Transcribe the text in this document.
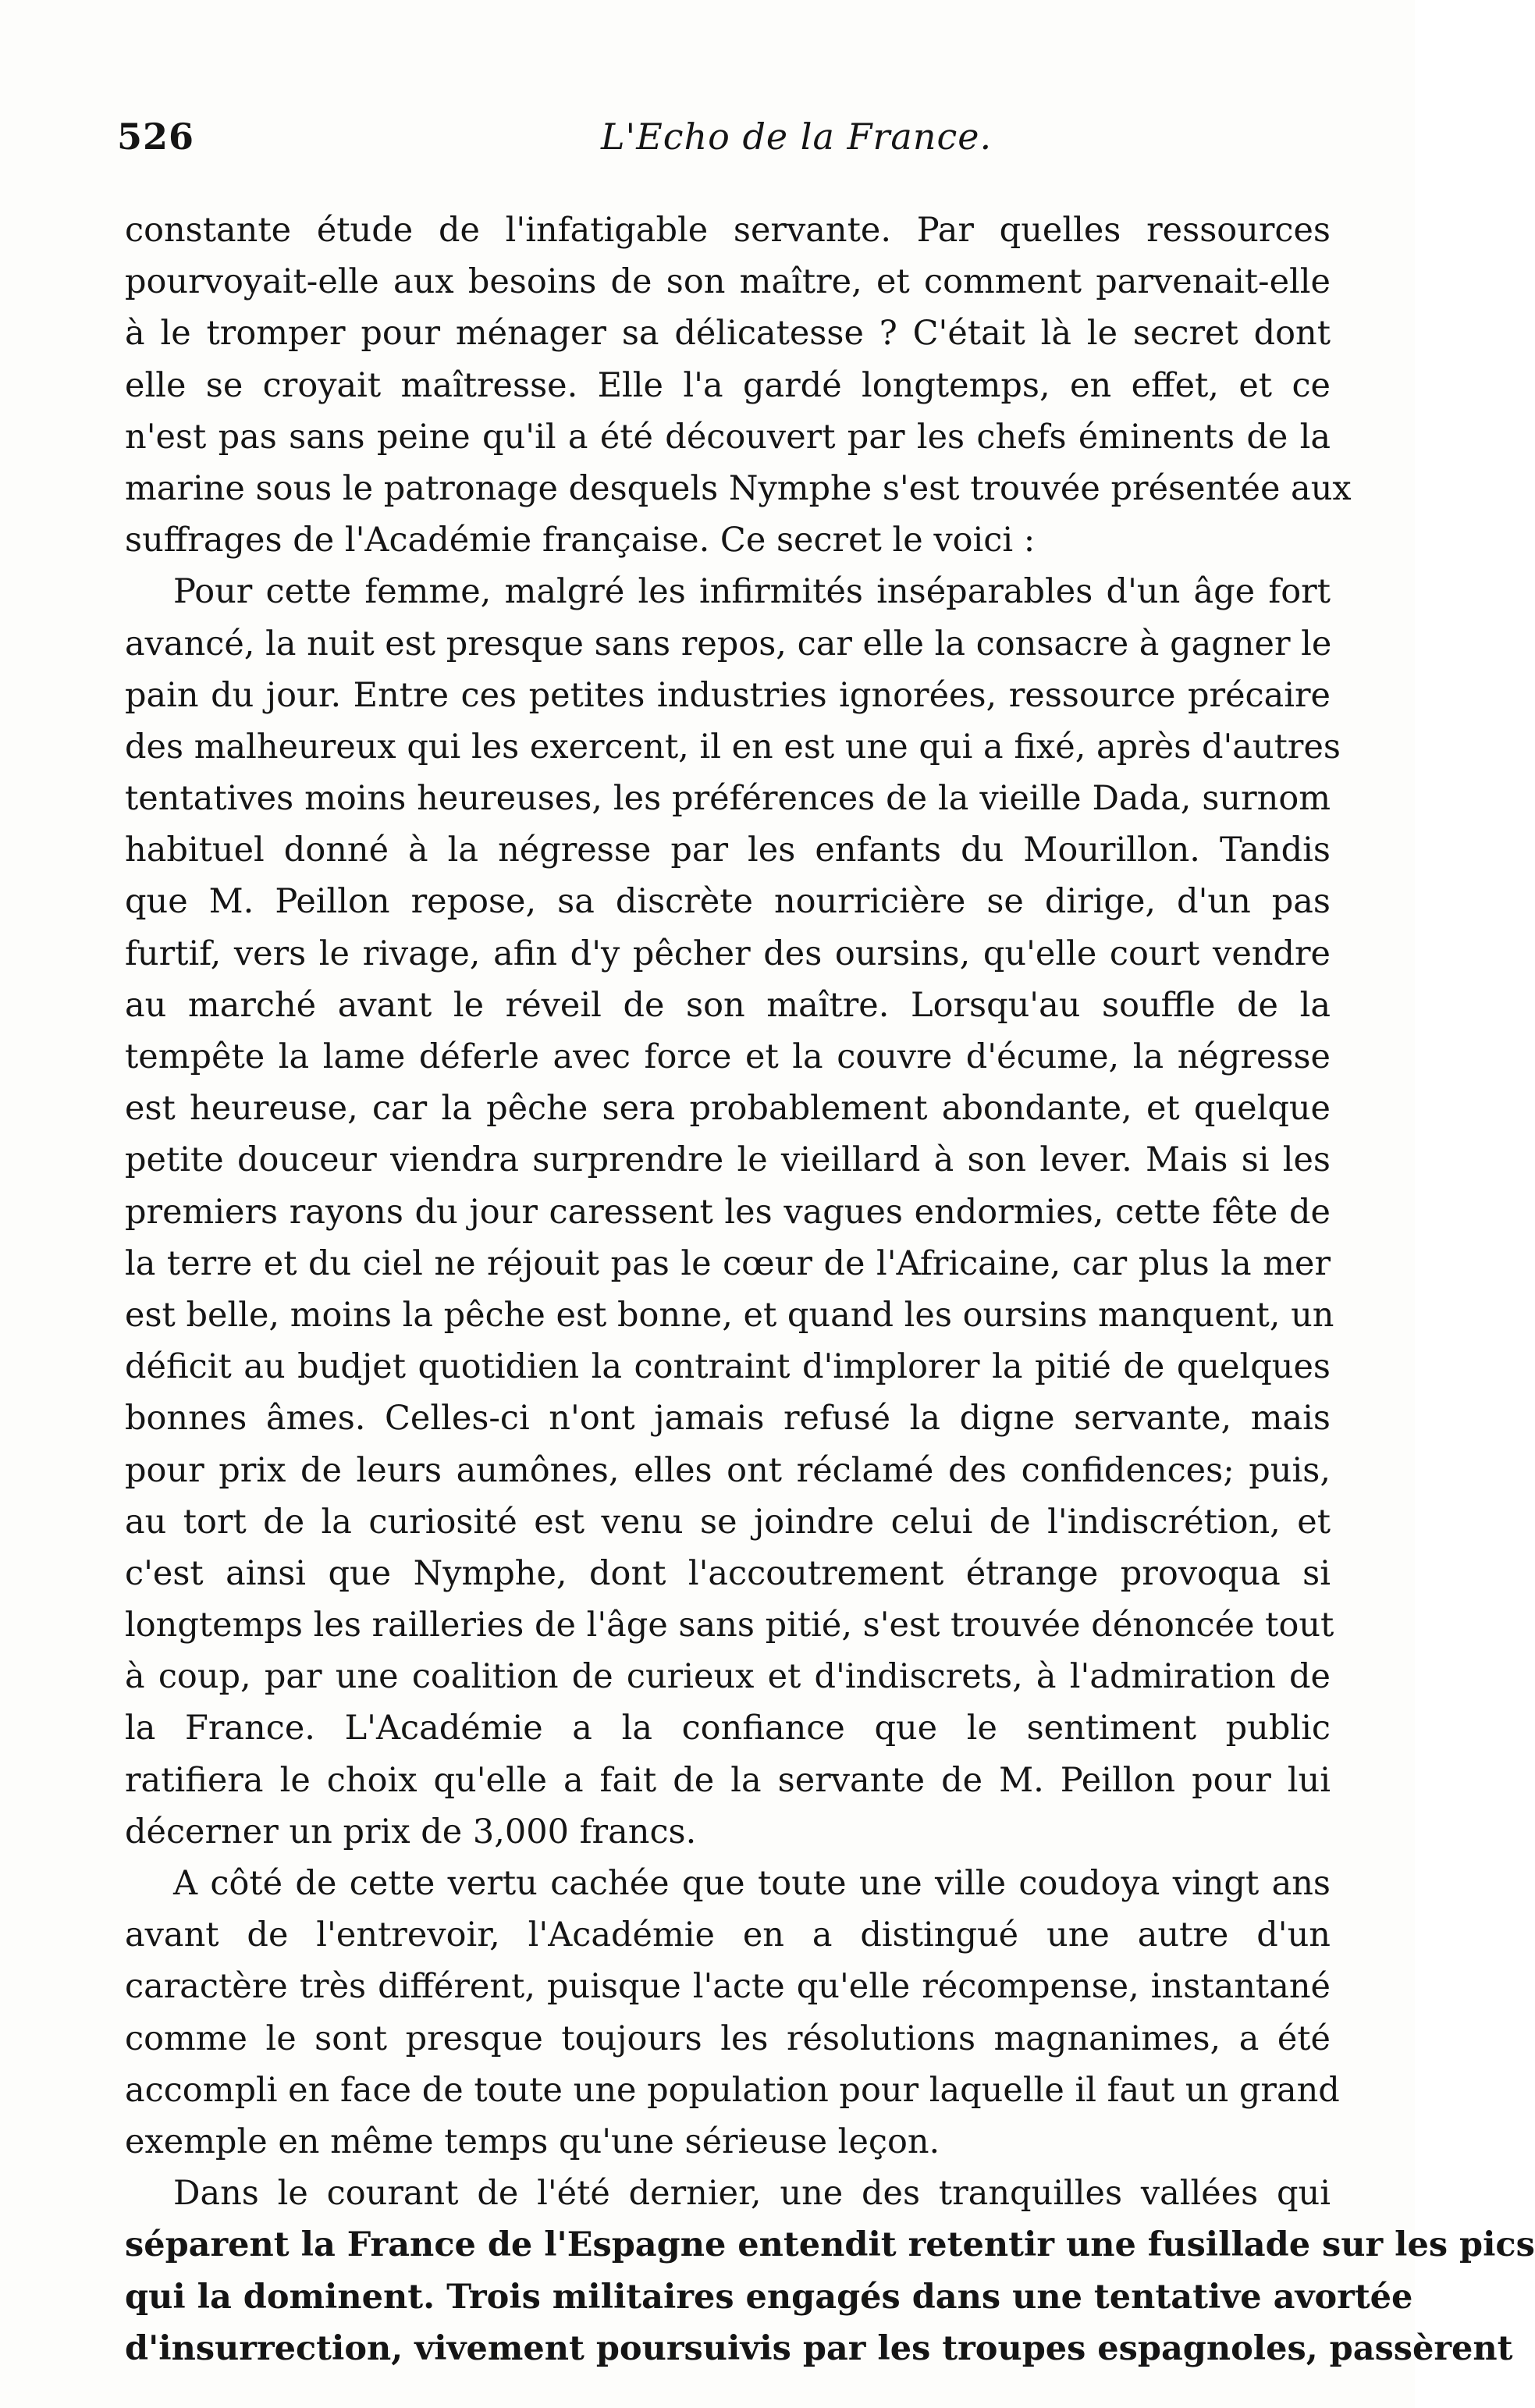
526	L'Echo de la France.
constante étude de l'infatigable servante. Par quelles ressources
pourvoyait-elle aux besoins de son maître, et comment parvenait-elle
à le tromper pour ménager sa délicatesse ? C'était là le secret dont
elle se croyait maîtresse. Elle l'a gardé longtemps, en effet, et ce
n'est pas sans peine qu'il a été découvert par les chefs éminents de la
marine sous le patronage desquels Nymphe s'est trouvée présentée aux
suffrages de l'Académie française. Ce secret le voici :
Pour cette femme, malgré les infirmités inséparables d'un âge fort
avancé, la nuit est presque sans repos, car elle la consacre à gagner le
pain du jour. Entre ces petites industries ignorées, ressource précaire
des malheureux qui les exercent, il en est une qui a fixé, après d'autres
tentatives moins heureuses, les préférences de la vieille Dada, surnom
habituel donné à la négresse par les enfants du Mourillon. Tandis
que M. Peillon repose, sa discrète nourricière se dirige, d'un pas
furtif, vers le rivage, afin d'y pêcher des oursins, qu'elle court vendre
au marché avant le réveil de son maître. Lorsqu'au souffle de la
tempête la lame déferle avec force et la couvre d'écume, la négresse
est heureuse, car la pêche sera probablement abondante, et quelque
petite douceur viendra surprendre le vieillard à son lever. Mais si les
premiers rayons du jour caressent les vagues endormies, cette fête de
la terre et du ciel ne réjouit pas le cœur de l'Africaine, car plus la mer
est belle, moins la pêche est bonne, et quand les oursins manquent, un
déficit au budjet quotidien la contraint d'implorer la pitié de quelques
bonnes âmes. Celles-ci n'ont jamais refusé la digne servante, mais
pour prix de leurs aumônes, elles ont réclamé des confidences; puis,
au tort de la curiosité est venu se joindre celui de l'indiscrétion, et
c'est ainsi que Nymphe, dont l'accoutrement étrange provoqua si
longtemps les railleries de l'âge sans pitié, s'est trouvée dénoncée tout
à coup, par une coalition de curieux et d'indiscrets, à l'admiration de
la France. L'Académie a la confiance que le sentiment public
ratifiera le choix qu'elle a fait de la servante de M. Peillon pour lui
décerner un prix de 3,000 francs.
A côté de cette vertu cachée que toute une ville coudoya vingt ans
avant de l'entrevoir, l'Académie en a distingué une autre d'un
caractère très différent, puisque l'acte qu'elle récompense, instantané
comme le sont presque toujours les résolutions magnanimes, a été
accompli en face de toute une population pour laquelle il faut un grand
exemple en même temps qu'une sérieuse leçon.
Dans le courant de l'été dernier, une des tranquilles vallées qui
séparent la France de l'Espagne entendit retentir une fusillade sur les pics
qui la dominent. Trois militaires engagés dans une tentative avortée
d'insurrection, vivement poursuivis par les troupes espagnoles, passèrent
